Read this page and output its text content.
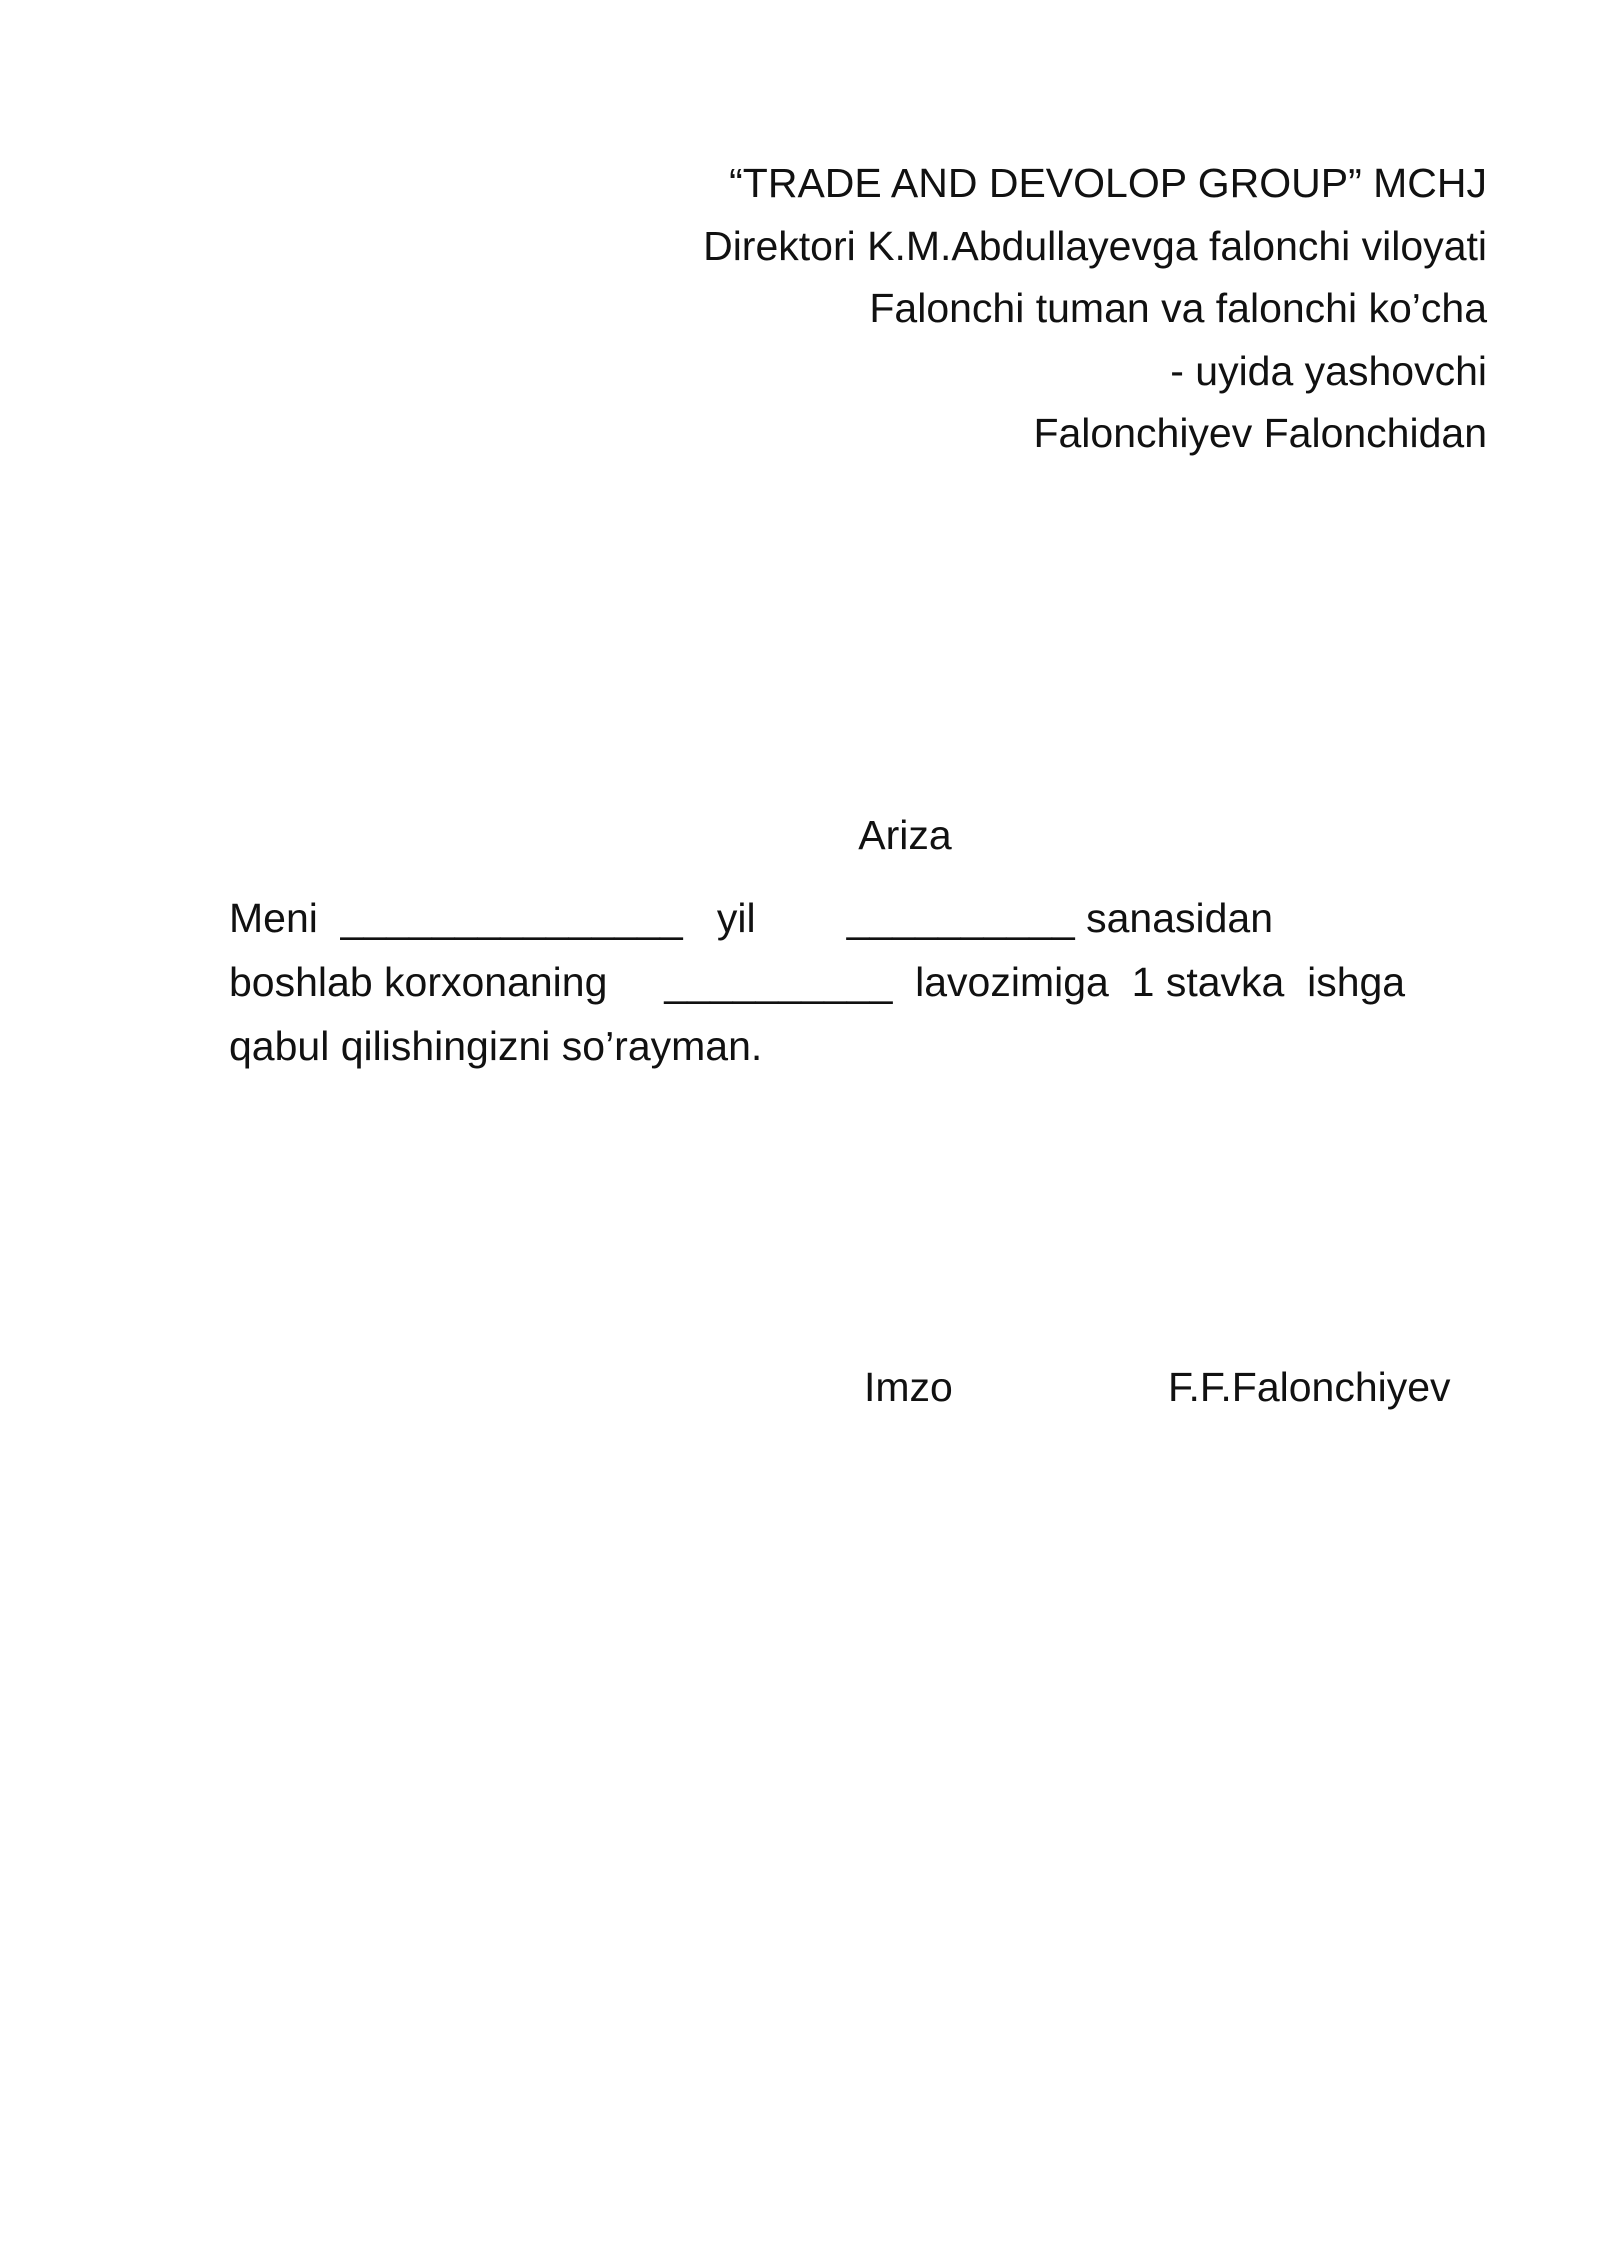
“TRADE AND DEVOLOP GROUP” MCHJ
Direktori K.M.Abdullayevga falonchi viloyati
Falonchi tuman va falonchi ko’cha
- uyida yashovchi
Falonchiyev Falonchidan
Ariza
Meni  _______________   yil        __________ sanasidan
boshlab korxonaning     __________  lavozimiga  1 stavka  ishga
qabul qilishingizni so’rayman.
Imzo	F.F.Falonchiyev
